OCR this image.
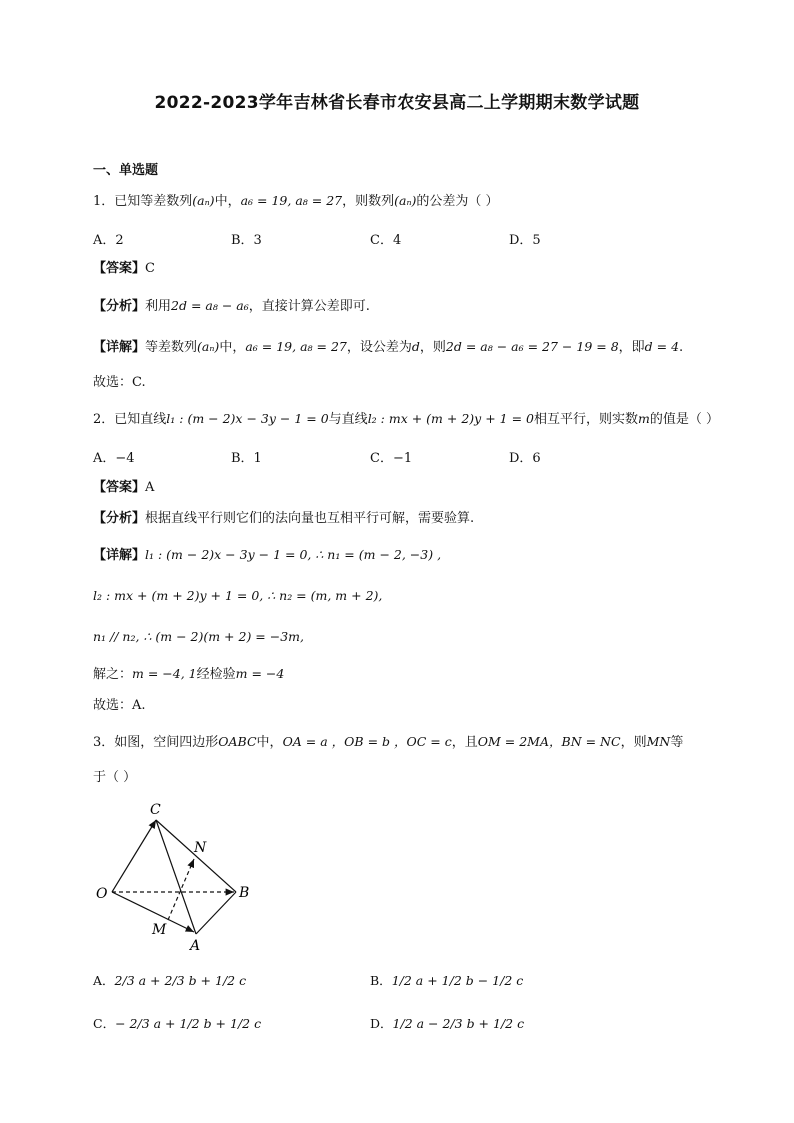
2022-2023学年吉林省长春市农安县高二上学期期末数学试题
一、单选题
1．已知等差数列(aₙ)中，a₆ = 19, a₈ = 27，则数列(aₙ)的公差为（ ）
A．2	B．3	C．4	D．5
【答案】C
【分析】利用2d = a₈ − a₆，直接计算公差即可.
【详解】等差数列(aₙ)中，a₆ = 19, a₈ = 27，设公差为d，则2d = a₈ − a₆ = 27 − 19 = 8，即d = 4.
故选：C.
2．已知直线l₁ : (m − 2)x − 3y − 1 = 0与直线l₂ : mx + (m + 2)y + 1 = 0相互平行，则实数m的值是（ ）
A．−4	B．1	C．−1	D．6
【答案】A
【分析】根据直线平行则它们的法向量也互相平行可解，需要验算.
【详解】l₁ : (m − 2)x − 3y − 1 = 0, ∴ n₁ = (m − 2, −3) ,
l₂ : mx + (m + 2)y + 1 = 0, ∴ n₂ = (m, m + 2),
n₁ // n₂, ∴ (m − 2)(m + 2) = −3m,
解之：m = −4, 1经检验m = −4
故选：A.
3．如图，空间四边形OABC中，OA = a ，OB = b ，OC = c，且OM = 2MA，BN = NC，则MN等
于（ ）
C
N
O	B
M
A
A．2/3 a + 2/3 b + 1/2 c	B．1/2 a + 1/2 b − 1/2 c
C．− 2/3 a + 1/2 b + 1/2 c	D．1/2 a − 2/3 b + 1/2 c
